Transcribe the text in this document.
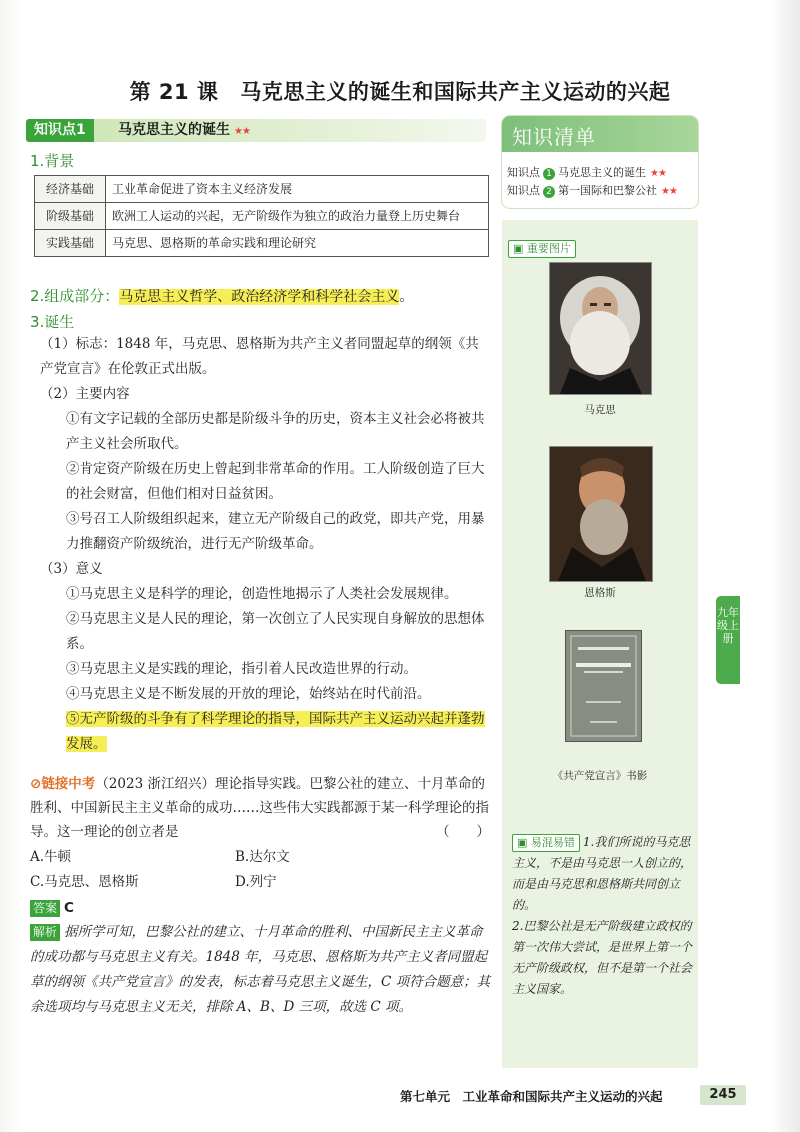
第 21 课 马克思主义的诞生和国际共产主义运动的兴起
知识点1	马克思主义的诞生 ★★
1.背景
经济基础	工业革命促进了资本主义经济发展
阶级基础	欧洲工人运动的兴起，无产阶级作为独立的政治力量登上历史舞台
实践基础	马克思、恩格斯的革命实践和理论研究
2.组成部分：马克思主义哲学、政治经济学和科学社会主义。
3.诞生
（1）标志：1848 年，马克思、恩格斯为共产主义者同盟起草的纲领《共产党宣言》在伦敦正式出版。
（2）主要内容
①有文字记载的全部历史都是阶级斗争的历史，资本主义社会必将被共产主义社会所取代。
②肯定资产阶级在历史上曾起到非常革命的作用。工人阶级创造了巨大的社会财富，但他们相对日益贫困。
③号召工人阶级组织起来，建立无产阶级自己的政党，即共产党，用暴力推翻资产阶级统治，进行无产阶级革命。
（3）意义
①马克思主义是科学的理论，创造性地揭示了人类社会发展规律。
②马克思主义是人民的理论，第一次创立了人民实现自身解放的思想体系。
③马克思主义是实践的理论，指引着人民改造世界的行动。
④马克思主义是不断发展的开放的理论，始终站在时代前沿。
⑤无产阶级的斗争有了科学理论的指导，国际共产主义运动兴起并蓬勃发展。
⊘链接中考（2023 浙江绍兴）理论指导实践。巴黎公社的建立、十月革命的胜利、中国新民主主义革命的成功……这些伟大实践都源于某一科学理论的指导。这一理论的创立者是	（　　）
A.牛顿	B.达尔文
C.马克思、恩格斯	D.列宁
答案 C
解析 据所学可知，巴黎公社的建立、十月革命的胜利、中国新民主主义革命的成功都与马克思主义有关。1848 年，马克思、恩格斯为共产主义者同盟起草的纲领《共产党宣言》的发表，标志着马克思主义诞生，C 项符合题意；其余选项均与马克思主义无关，排除 A、B、D 三项，故选 C 项。
知识清单
知识点 1 马克思主义的诞生 ★★
知识点 2 第一国际和巴黎公社 ★★
▣ 重要图片
马克思
恩格斯
《共产党宣言》书影
▣ 易混易错 1.我们所说的马克思主义，不是由马克思一人创立的，而是由马克思和恩格斯共同创立的。
2.巴黎公社是无产阶级建立政权的第一次伟大尝试，是世界上第一个无产阶级政权，但不是第一个社会主义国家。
九年级上册
第七单元　 工业革命和国际共产主义运动的兴起	245
